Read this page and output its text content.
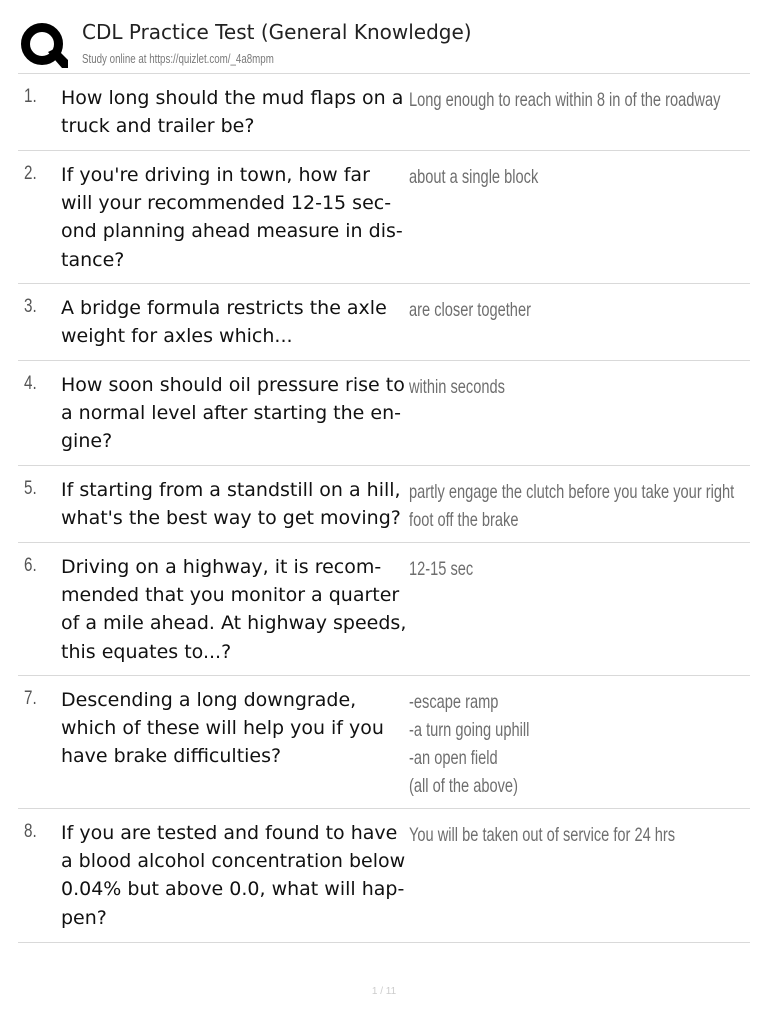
CDL Practice Test (General Knowledge)
Study online at https://quizlet.com/_4a8mpm
1. How long should the mud flaps on a
truck and trailer be?
Long enough to reach within 8 in of the roadway
2. If you're driving in town, how far
will your recommended 12-15 sec-
ond planning ahead measure in dis-
tance?
about a single block
3. A bridge formula restricts the axle
weight for axles which...
are closer together
4. How soon should oil pressure rise to
a normal level after starting the en-
gine?
within seconds
5. If starting from a standstill on a hill,
what's the best way to get moving?
partly engage the clutch before you take your right
foot off the brake
6. Driving on a highway, it is recom-
mended that you monitor a quarter
of a mile ahead. At highway speeds,
this equates to...?
12-15 sec
7. Descending a long downgrade,
which of these will help you if you
have brake difficulties?
-escape ramp
-a turn going uphill
-an open field
(all of the above)
8. If you are tested and found to have
a blood alcohol concentration below
0.04% but above 0.0, what will hap-
pen?
You will be taken out of service for 24 hrs
1 / 11
